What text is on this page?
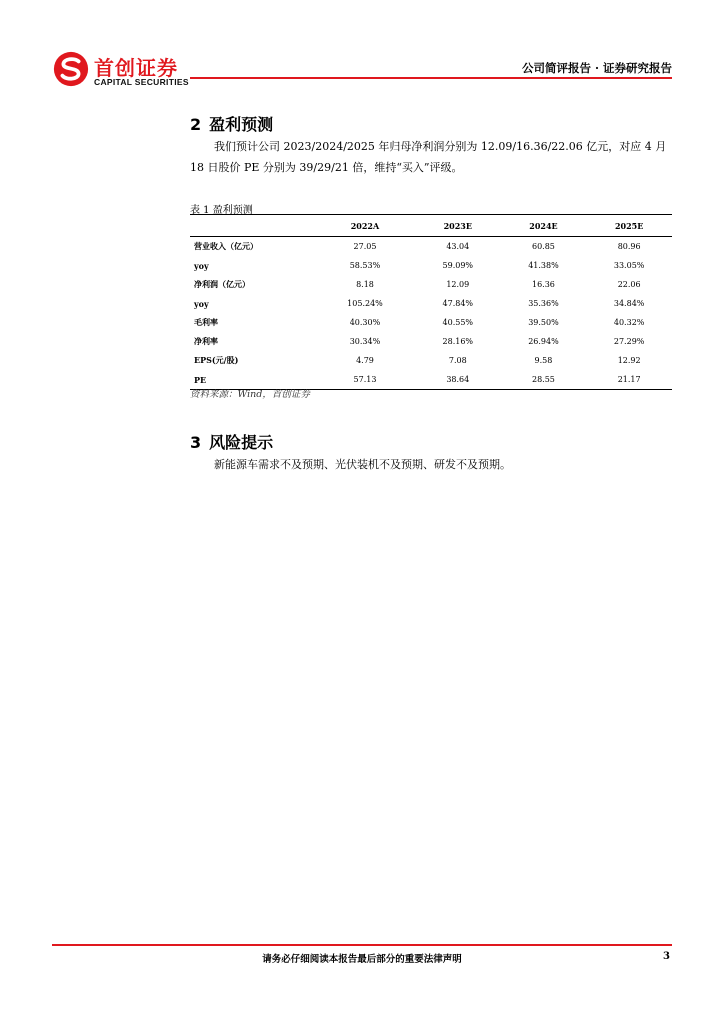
首创证券
CAPITAL SECURITIES
公司简评报告 · 证券研究报告
2 盈利预测
我们预计公司 2023/2024/2025 年归母净利润分别为 12.09/16.36/22.06 亿元，对应 4 月 18 日股价 PE 分别为 39/29/21 倍，维持“买入”评级。
表 1 盈利预测
	2022A	2023E	2024E	2025E
营业收入（亿元）	27.05	43.04	60.85	80.96
yoy	58.53%	59.09%	41.38%	33.05%
净利润（亿元）	8.18	12.09	16.36	22.06
yoy	105.24%	47.84%	35.36%	34.84%
毛利率	40.30%	40.55%	39.50%	40.32%
净利率	30.34%	28.16%	26.94%	27.29%
EPS(元/股)	4.79	7.08	9.58	12.92
PE	57.13	38.64	28.55	21.17
资料来源：Wind，首创证券
3 风险提示
新能源车需求不及预期、光伏装机不及预期、研发不及预期。
请务必仔细阅读本报告最后部分的重要法律声明	3
